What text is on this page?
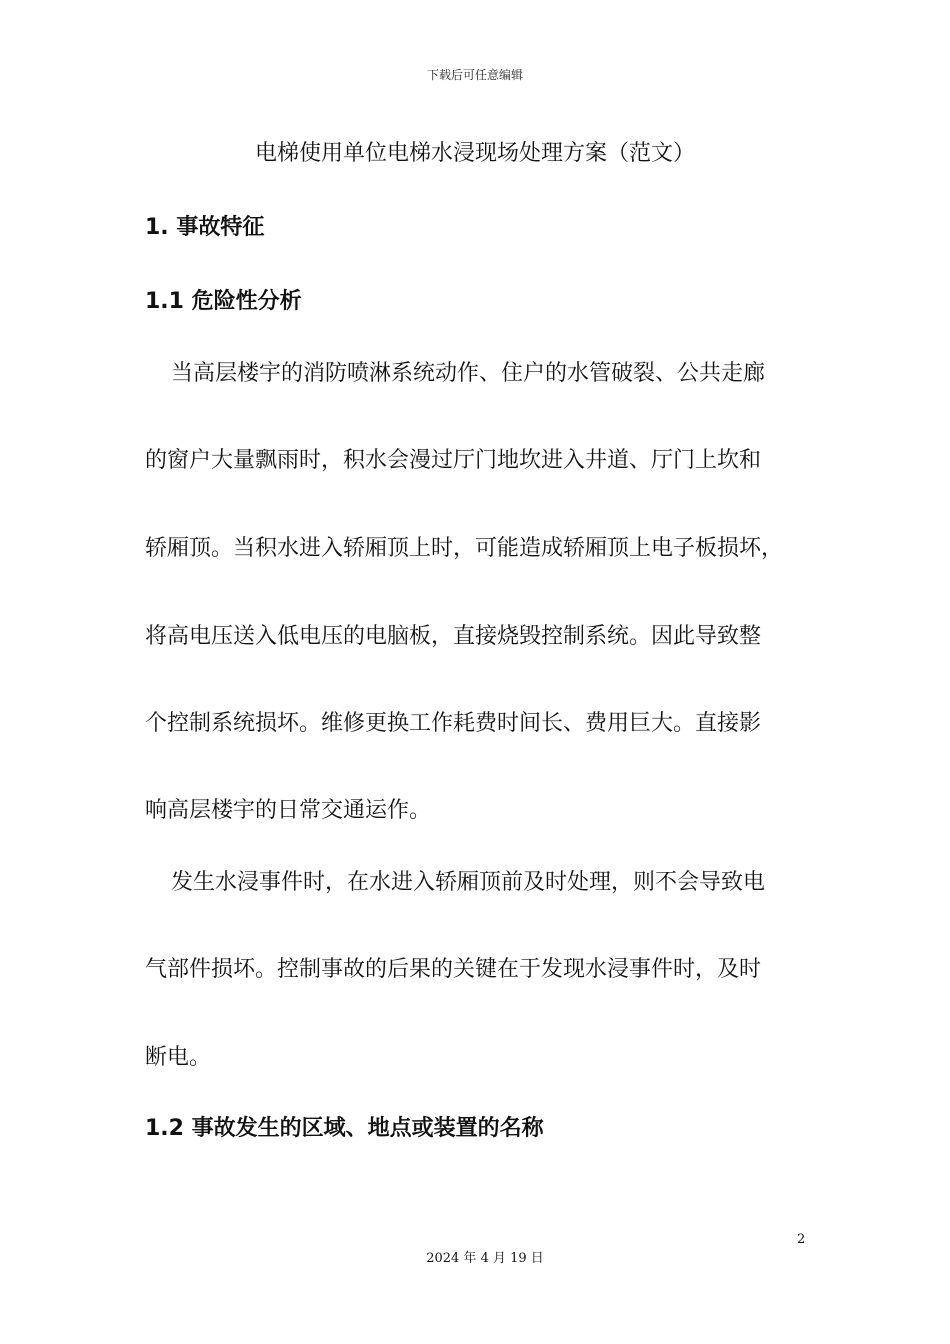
下载后可任意编辑
电梯使用单位电梯水浸现场处理方案（范文）
1. 事故特征
1.1 危险性分析
当高层楼宇的消防喷淋系统动作、住户的水管破裂、公共走廊
的窗户大量飘雨时，积水会漫过厅门地坎进入井道、厅门上坎和
轿厢顶。当积水进入轿厢顶上时，可能造成轿厢顶上电子板损坏，
将高电压送入低电压的电脑板，直接烧毁控制系统。因此导致整
个控制系统损坏。维修更换工作耗费时间长、费用巨大。直接影
响高层楼宇的日常交通运作。
发生水浸事件时，在水进入轿厢顶前及时处理，则不会导致电
气部件损坏。控制事故的后果的关键在于发现水浸事件时，及时
断电。
1.2 事故发生的区域、地点或装置的名称
2
2024 年 4 月 19 日
